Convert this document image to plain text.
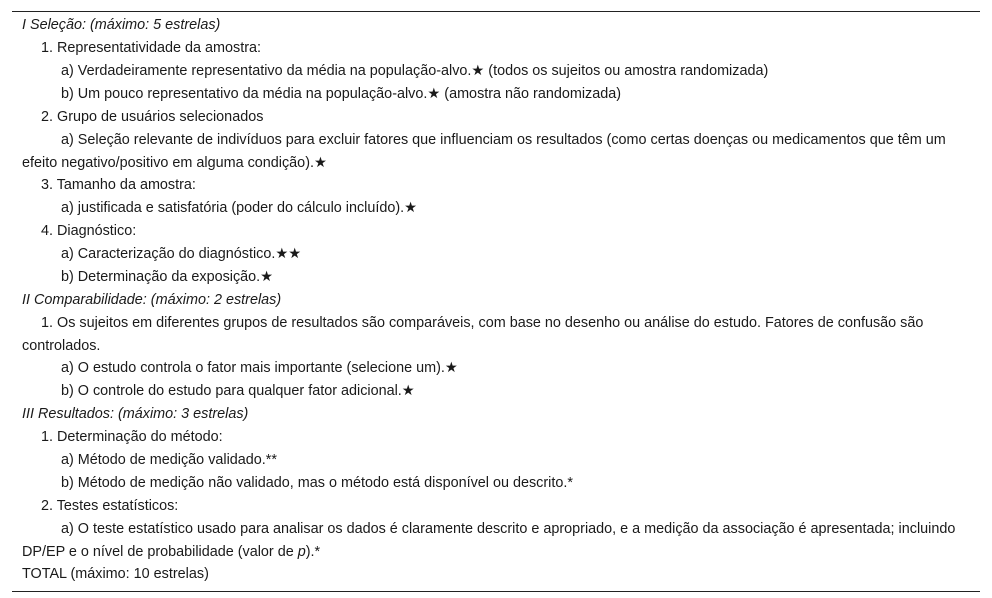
I Seleção: (máximo: 5 estrelas)
1. Representatividade da amostra:
a) Verdadeiramente representativo da média na população-alvo.★ (todos os sujeitos ou amostra randomizada)
b) Um pouco representativo da média na população-alvo.★ (amostra não randomizada)
2. Grupo de usuários selecionados
a) Seleção relevante de indivíduos para excluir fatores que influenciam os resultados (como certas doenças ou medicamentos que têm um efeito negativo/positivo em alguma condição).★
3. Tamanho da amostra:
a) justificada e satisfatória (poder do cálculo incluído).★
4. Diagnóstico:
a) Caracterização do diagnóstico.★★
b) Determinação da exposição.★
II Comparabilidade: (máximo: 2 estrelas)
1. Os sujeitos em diferentes grupos de resultados são comparáveis, com base no desenho ou análise do estudo. Fatores de confusão são controlados.
a) O estudo controla o fator mais importante (selecione um).★
b) O controle do estudo para qualquer fator adicional.★
III Resultados: (máximo: 3 estrelas)
1. Determinação do método:
a) Método de medição validado.**
b) Método de medição não validado, mas o método está disponível ou descrito.*
2. Testes estatísticos:
a) O teste estatístico usado para analisar os dados é claramente descrito e apropriado, e a medição da associação é apresentada; incluindo DP/EP e o nível de probabilidade (valor de p).*
TOTAL (máximo: 10 estrelas)
